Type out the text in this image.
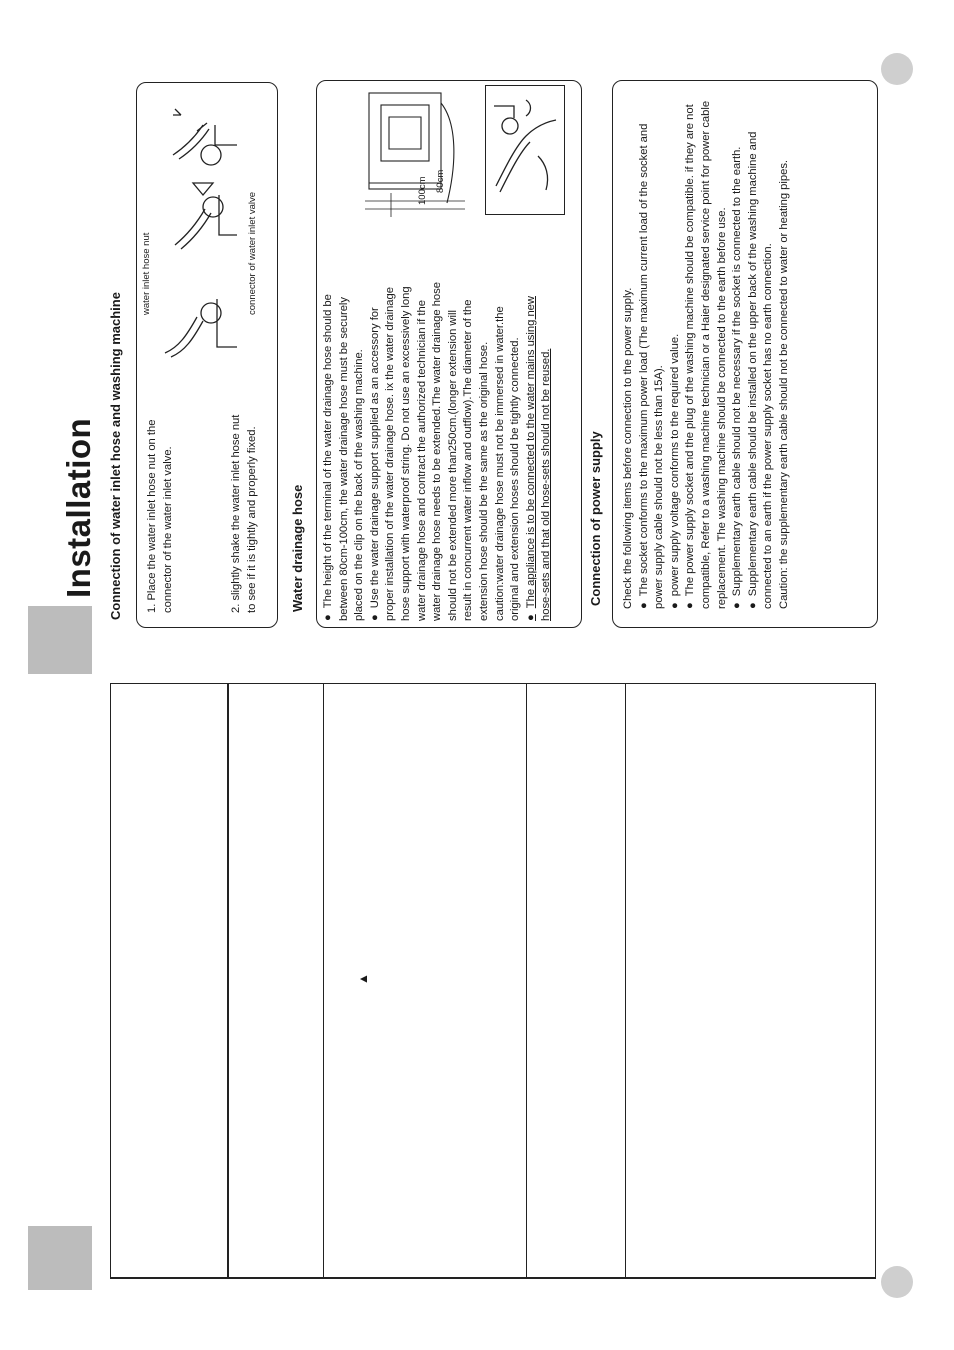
Installation Connection of water inlet hose and washing machine 1. Place the water inlet hose nut on the connector of the water inlet valve.	2. slightly shake the water inlet hose nut to see if it is tightly and properly fixed.
water inlet hose nut	connector of water inlet valve
Water drainage hose ● The height of the terminal of the water drainage hose should be between 80cm-100cm, the water drainage hose must be securely placed on the clip on the back of the washing machine. ● Use the water drainage support supplied as an accessory for proper installation of the water drainage hose. ix the water drainage hose support with waterproof string. Do not use an excessively long water drainage hose and contract the authorized technician if the water drainage hose needs to be extended.The water drainage hose should not be extended more than250cm.(longer extension will result in concurrent water inflow and outflow).The diameter of the extension hose should be the same as the original hose. caution:water drainage hose must not be immersed in water.the original and extension hoses should be tightly connected. ● The appliance is to be connected to the water mains using new hose-sets and that old hose-sets should not be reused.
80cm
100cm
Connection of power supply Check the following items before connection to the power supply. ● The socket conforms to the maximum power load (The maximum current load of the socket and power supply cable should not be less than 15A). ● power supply voltage conforms to the required value. ● The power supply socket and the plug of the washing machine should be compatible. if they are not compatible, Refer to a washing machine technician or a Haier designated service point for power cable replacement. The washing machine should be connected to the earth before use. ● Supplementary earth cable should not be necessary if the socket is connected to the earth. ● Supplementary earth cable should be installed on the upper back of the washing machine and connected to an earth if the power supply socket has no earth connection. Caution: the supplementary earth cable should not be connected to water or heating pipes.
▲
